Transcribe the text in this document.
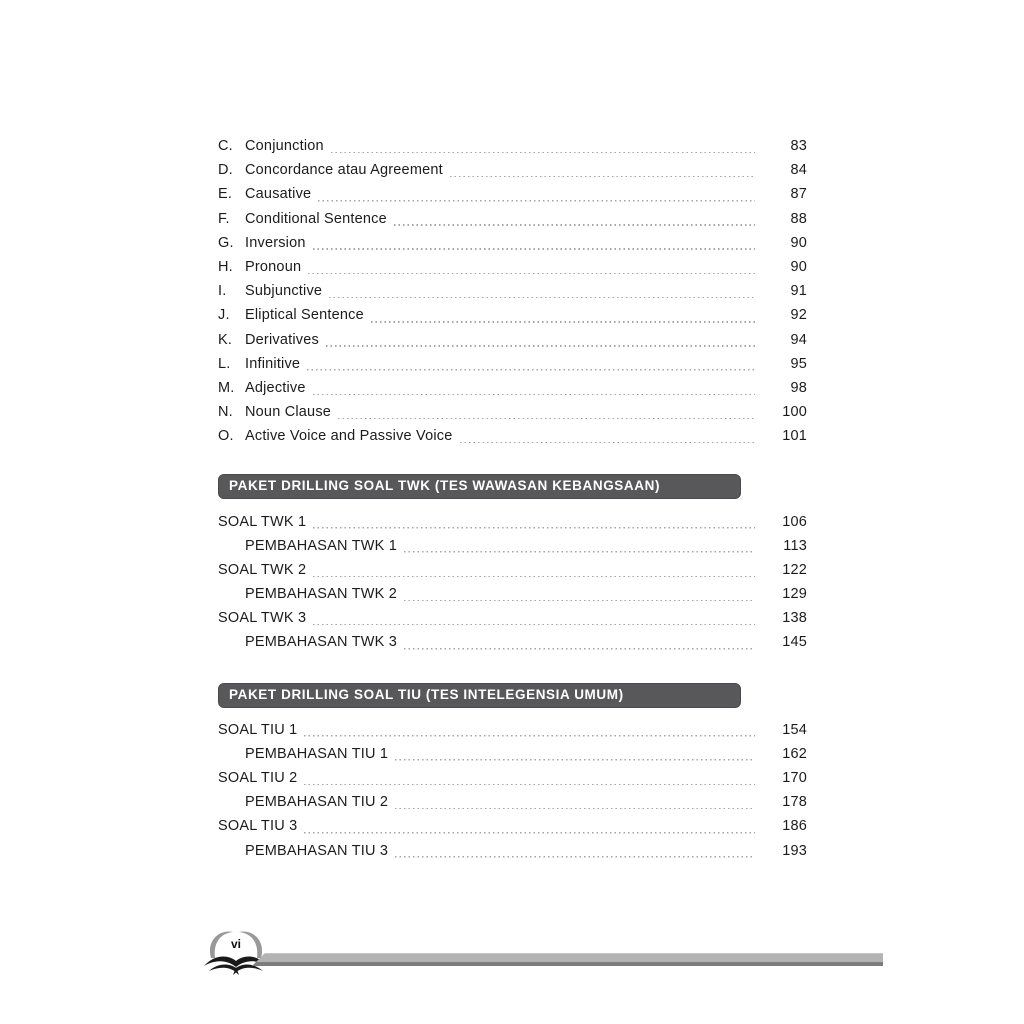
C. Conjunction	83
D. Concordance atau Agreement	84
E. Causative	87
F.	Conditional Sentence	88
G. Inversion	90
H. Pronoun	90
I.	Subjunctive	91
J.	Eliptical Sentence	92
K. Derivatives	94
L.	Infinitive	95
M. Adjective	98
N. Noun Clause	100
O. Active Voice and Passive Voice	101
PAKET DRILLING SOAL TWK (TES WAWASAN KEBANGSAAN)
SOAL TWK 1	106
PEMBAHASAN TWK 1	113
SOAL TWK 2	122
PEMBAHASAN TWK 2	129
SOAL TWK 3	138
PEMBAHASAN TWK 3	145
PAKET DRILLING SOAL TIU (TES INTELEGENSIA UMUM)
SOAL TIU 1	154
PEMBAHASAN TIU 1	162
SOAL TIU 2	170
PEMBAHASAN TIU 2	178
SOAL TIU 3	186
PEMBAHASAN TIU 3	193
vi
